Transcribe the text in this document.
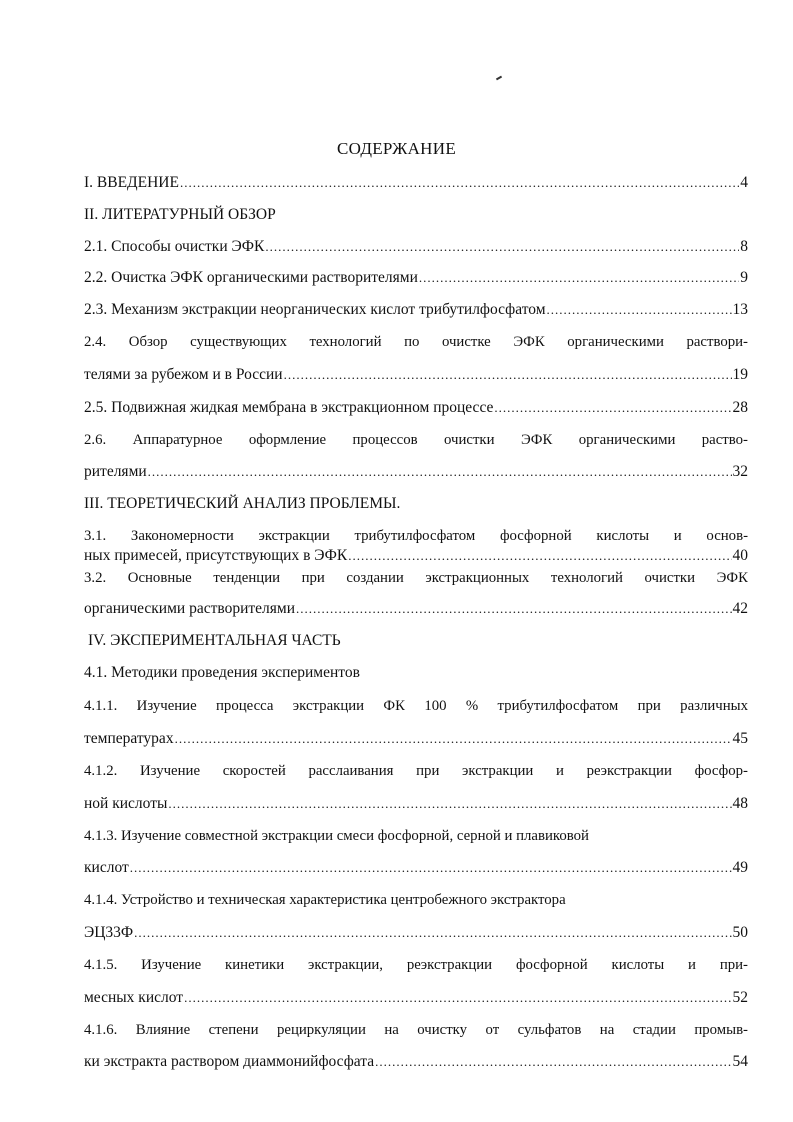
СОДЕРЖАНИЕ
I. ВВЕДЕНИЕ .....	4
II. ЛИТЕРАТУРНЫЙ ОБЗОР
2.1. Способы очистки ЭФК .....	8
2.2. Очистка ЭФК органическими растворителями .....	9
2.3. Механизм экстракции неорганических кислот трибутилфосфатом .....	13
2.4. Обзор существующих технологий по очистке ЭФК органическими раствори-
телями за рубежом и в России .....	19
2.5. Подвижная жидкая мембрана в экстракционном процессе .....	28
2.6. Аппаратурное оформление процессов очистки ЭФК органическими раство-
рителями .....	32
III. ТЕОРЕТИЧЕСКИЙ АНАЛИЗ ПРОБЛЕМЫ.
3.1. Закономерности экстракции трибутилфосфатом фосфорной кислоты и основ-
ных примесей, присутствующих в ЭФК .....	40
3.2. Основные тенденции при создании экстракционных технологий очистки ЭФК
органическими растворителями .....	42
IV. ЭКСПЕРИМЕНТАЛЬНАЯ ЧАСТЬ
4.1. Методики проведения экспериментов
4.1.1. Изучение процесса экстракции ФК 100 % трибутилфосфатом при различных
температурах .....	45
4.1.2. Изучение скоростей расслаивания при экстракции и реэкстракции фосфор-
ной кислоты .....	48
4.1.3. Изучение совместной экстракции смеси фосфорной, серной и плавиковой
кислот .....	49
4.1.4. Устройство и техническая характеристика центробежного экстрактора
ЭЦ33Ф .....	50
4.1.5. Изучение кинетики экстракции, реэкстракции фосфорной кислоты и при-
месных кислот .....	52
4.1.6. Влияние степени рециркуляции на очистку от сульфатов на стадии промыв-
ки экстракта раствором диаммонийфосфата .....	54
